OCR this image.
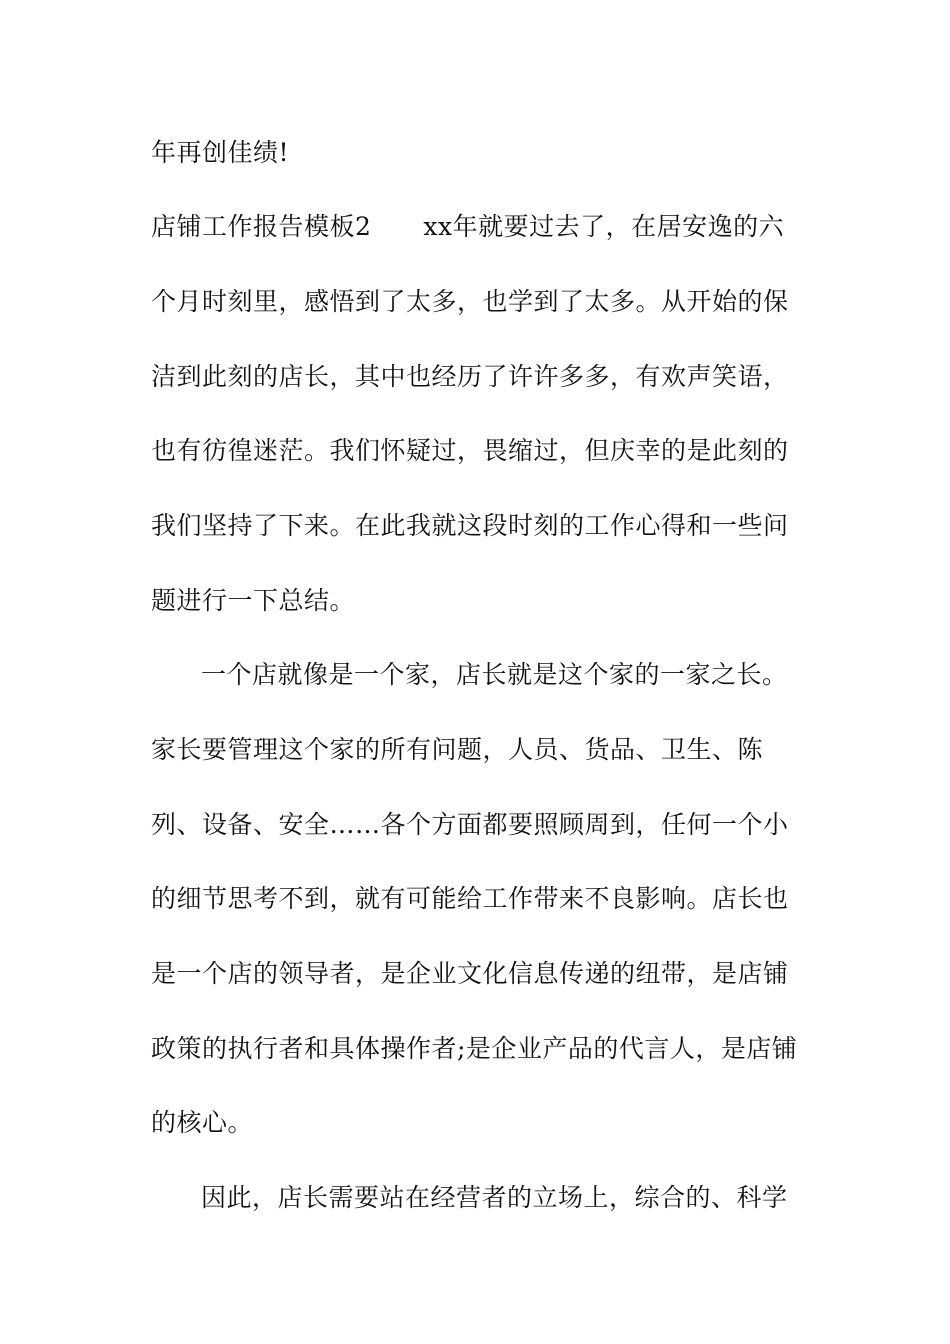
年再创佳绩!
店铺工作报告模板2 xx年就要过去了，在居安逸的六
个月时刻里，感悟到了太多，也学到了太多。从开始的保
洁到此刻的店长，其中也经历了许许多多，有欢声笑语，
也有彷徨迷茫。我们怀疑过，畏缩过，但庆幸的是此刻的
我们坚持了下来。在此我就这段时刻的工作心得和一些问
题进行一下总结。
一个店就像是一个家，店长就是这个家的一家之长。
家长要管理这个家的所有问题，人员、货品、卫生、陈
列、设备、安全……各个方面都要照顾周到，任何一个小
的细节思考不到，就有可能给工作带来不良影响。店长也
是一个店的领导者，是企业文化信息传递的纽带，是店铺
政策的执行者和具体操作者;是企业产品的代言人，是店铺
的核心。
因此，店长需要站在经营者的立场上，综合的、科学
